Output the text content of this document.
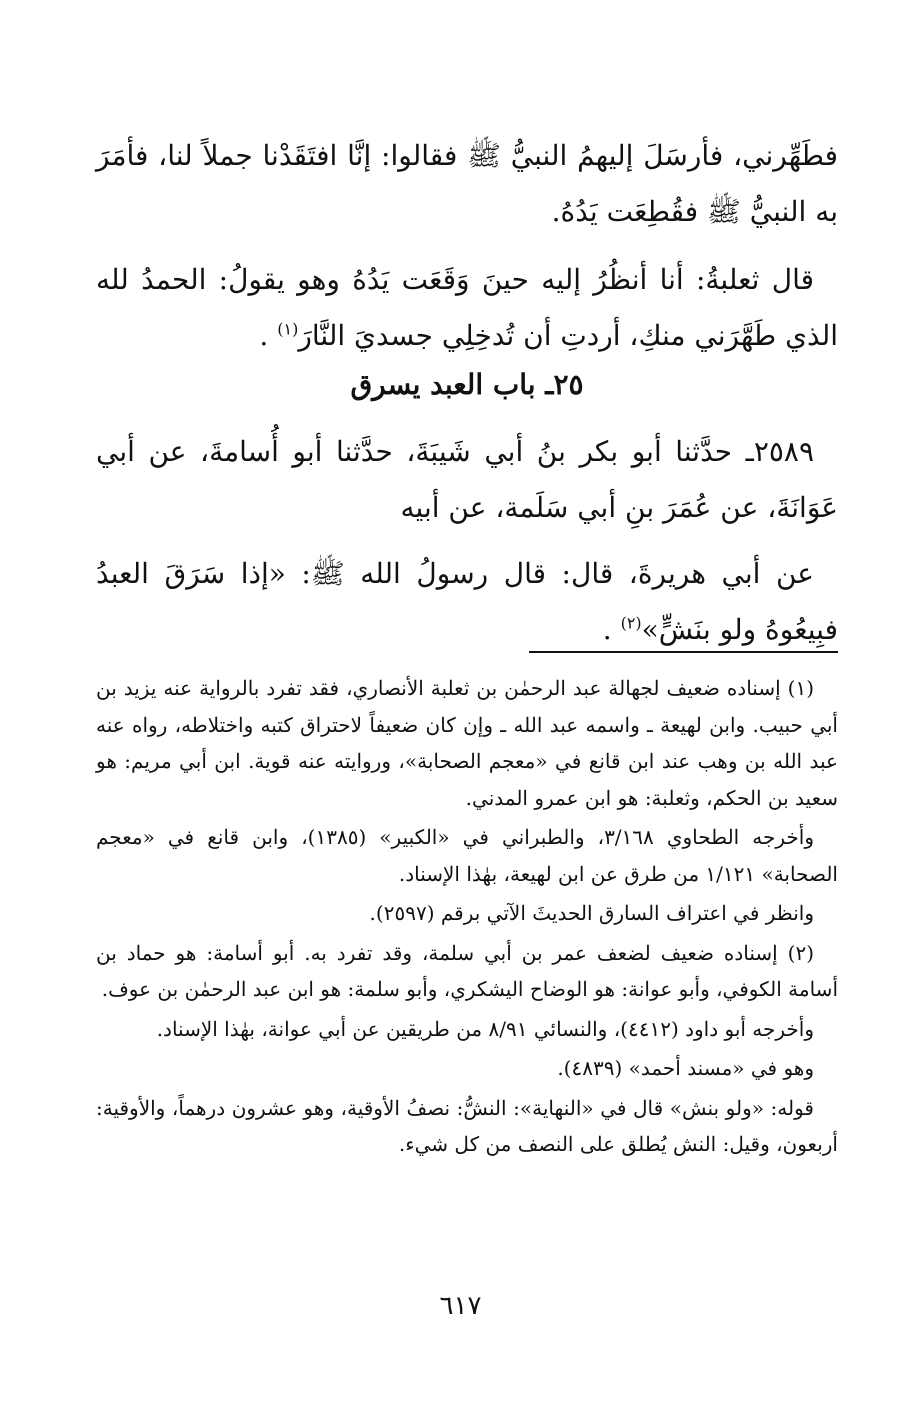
فطَهِّرني، فأرسَلَ إليهمُ النبيُّ ﷺ فقالوا: إنَّا افتَقَدْنا جملاً لنا، فأمَرَ به النبيُّ ﷺ فقُطِعَت يَدُهُ.

قال ثعلبةُ: أنا أنظُرُ إليه حينَ وَقَعَت يَدُهُ وهو يقولُ: الحمدُ لله الذي طَهَّرَني منكِ، أردتِ أن تُدخِلِي جسديَ النَّارَ$^{(١)}$ .

٢٥ـ باب العبد يسرق

٢٥٨٩ـ حدَّثنا أبو بكر بنُ أبي شَيبَةَ، حدَّثنا أبو أُسامةَ، عن أبي عَوَانَةَ، عن عُمَرَ بنِ أبي سَلَمة، عن أبيه

عن أبي هريرةَ، قال: قال رسولُ الله ﷺ: «إذا سَرَقَ العبدُ فبِيعُوهُ ولو بنَشٍّ»$^{(٢)}$ .

(١) إسناده ضعيف لجهالة عبد الرحمٰن بن ثعلبة الأنصاري، فقد تفرد بالرواية عنه يزيد بن أبي حبيب. وابن لهيعة ـ واسمه عبد الله ـ وإن كان ضعيفاً لاحتراق كتبه واختلاطه، رواه عنه عبد الله بن وهب عند ابن قانع في «معجم الصحابة»، وروايته عنه قوية. ابن أبي مريم: هو سعيد بن الحكم، وثعلبة: هو ابن عمرو المدني.

وأخرجه الطحاوي ٣/١٦٨، والطبراني في «الكبير» (١٣٨٥)، وابن قانع في «معجم الصحابة» ١/١٢١ من طرق عن ابن لهيعة، بهٰذا الإسناد.

وانظر في اعتراف السارق الحديثَ الآتي برقم (٢٥٩٧).

(٢) إسناده ضعيف لضعف عمر بن أبي سلمة، وقد تفرد به. أبو أسامة: هو حماد بن أسامة الكوفي، وأبو عوانة: هو الوضاح اليشكري، وأبو سلمة: هو ابن عبد الرحمٰن بن عوف.

وأخرجه أبو داود (٤٤١٢)، والنسائي ٨/٩١ من طريقين عن أبي عوانة، بهٰذا الإسناد.

وهو في «مسند أحمد» (٤٨٣٩).

قوله: «ولو بنش» قال في «النهاية»: النشُّ: نصفُ الأوقية، وهو عشرون درهماً، والأوقية: أربعون، وقيل: النش يُطلق على النصف من كل شيء.

٦١٧
